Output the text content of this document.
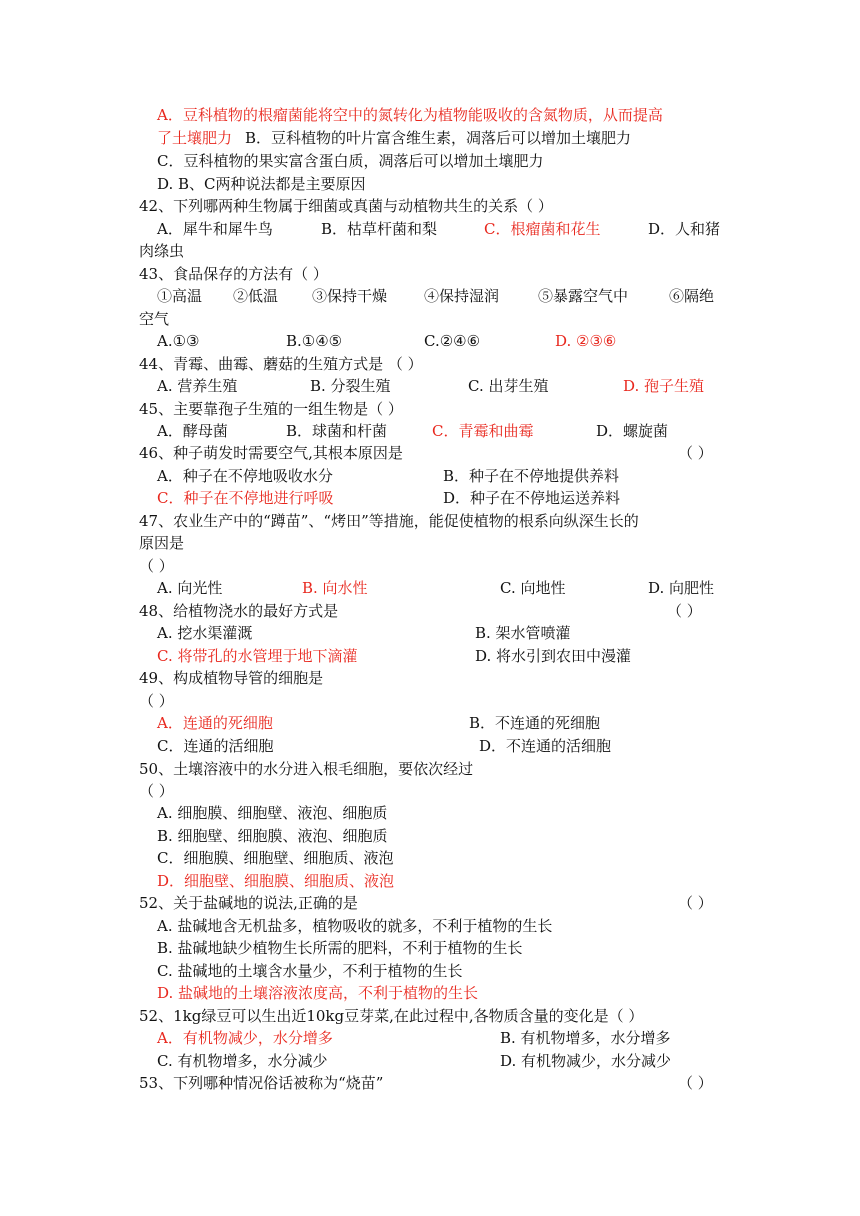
A．豆科植物的根瘤菌能将空中的氮转化为植物能吸收的含氮物质，从而提高
了土壤肥力 B．豆科植物的叶片富含维生素，凋落后可以增加土壤肥力
C．豆科植物的果实富含蛋白质，凋落后可以增加土壤肥力
D. B、C两种说法都是主要原因
42、下列哪两种生物属于细菌或真菌与动植物共生的关系（ ）
A．犀牛和犀牛鸟	B．枯草杆菌和梨	C．根瘤菌和花生	D．人和猪
肉绦虫
43、食品保存的方法有（ ）
①高温 ②低温 ③保持干燥 ④保持湿润	⑤暴露空气中	⑥隔绝
空气
A.①③	B.①④⑤	C.②④⑥	D. ②③⑥
44、青霉、曲霉、蘑菇的生殖方式是 （ ）
A. 营养生殖	B. 分裂生殖	C. 出芽生殖	D. 孢子生殖
45、主要靠孢子生殖的一组生物是（ ）
A．酵母菌	B．球菌和杆菌	C．青霉和曲霉	D．螺旋菌
46、种子萌发时需要空气,其根本原因是	（ ）
A．种子在不停地吸收水分	B．种子在不停地提供养料
C．种子在不停地进行呼吸	D．种子在不停地运送养料
47、农业生产中的“蹲苗”、“烤田”等措施，能促使植物的根系向纵深生长的
原因是
（ ）
A. 向光性	B. 向水性	C. 向地性	D. 向肥性
48、给植物浇水的最好方式是	（ ）
A. 挖水渠灌溉	B. 架水管喷灌
C. 将带孔的水管埋于地下滴灌	D. 将水引到农田中漫灌
49、构成植物导管的细胞是
（ ）
A．连通的死细胞	B．不连通的死细胞
C．连通的活细胞	D．不连通的活细胞
50、土壤溶液中的水分进入根毛细胞，要依次经过
（ ）
A. 细胞膜、细胞壁、液泡、细胞质
B. 细胞壁、细胞膜、液泡、细胞质
C．细胞膜、细胞壁、细胞质、液泡
D．细胞壁、细胞膜、细胞质、液泡
52、关于盐碱地的说法,正确的是	（ ）
A. 盐碱地含无机盐多，植物吸收的就多，不利于植物的生长
B. 盐碱地缺少植物生长所需的肥料，不利于植物的生长
C. 盐碱地的土壤含水量少，不利于植物的生长
D. 盐碱地的土壤溶液浓度高，不利于植物的生长
52、1kg绿豆可以生出近10kg豆芽菜,在此过程中,各物质含量的变化是（ ）
A．有机物减少，水分增多	B. 有机物增多，水分增多
C. 有机物增多，水分减少	D. 有机物减少，水分减少
53、下列哪种情况俗话被称为“烧苗”	（ ）
